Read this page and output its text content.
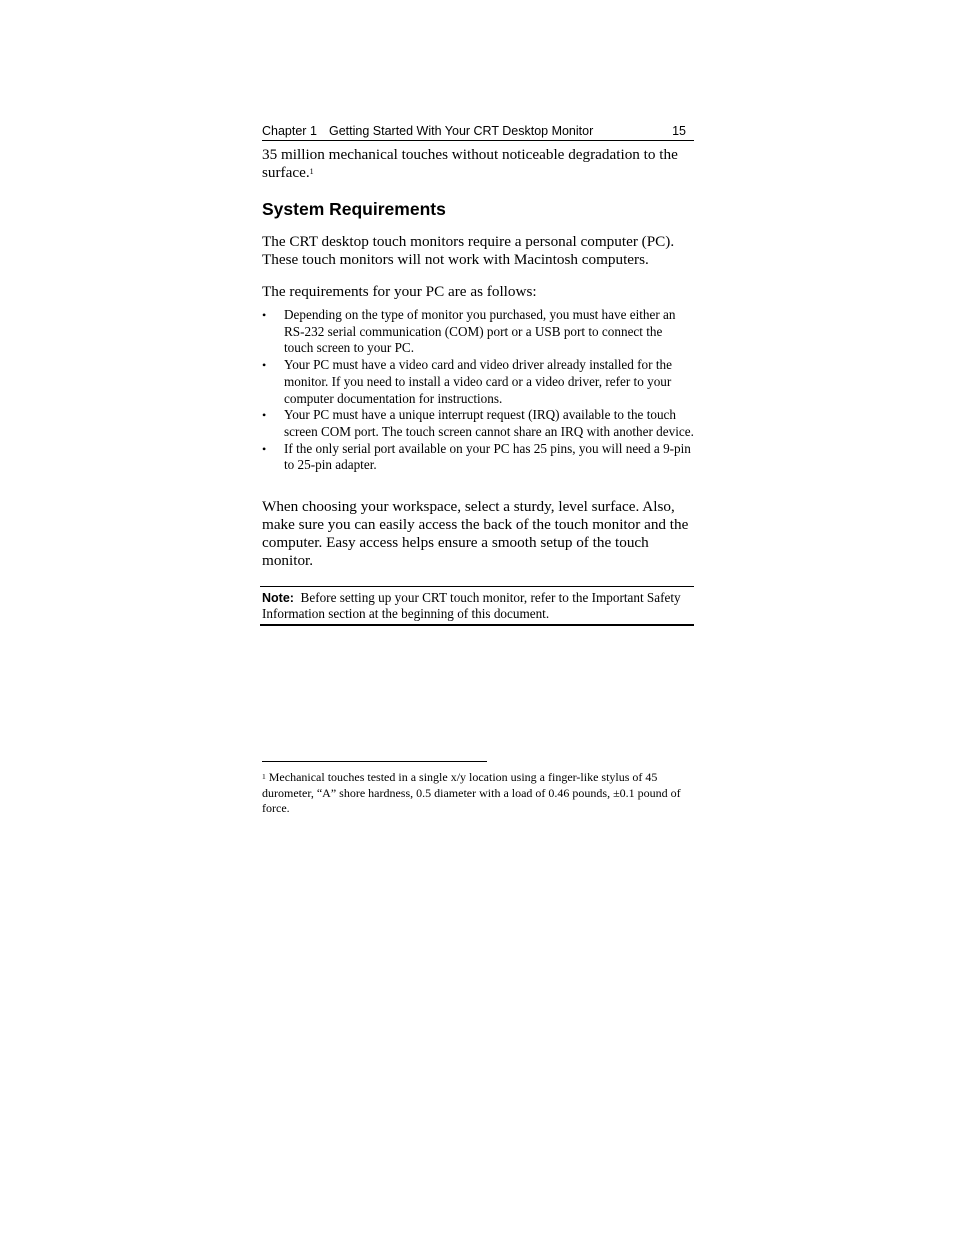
Chapter 1 Getting Started With Your CRT Desktop Monitor	15
35 million mechanical touches without noticeable degradation to the surface.$^1$
System Requirements
The CRT desktop touch monitors require a personal computer (PC). These touch monitors will not work with Macintosh computers.
The requirements for your PC are as follows:
• Depending on the type of monitor you purchased, you must have either an RS-232 serial communication (COM) port or a USB port to connect the touch screen to your PC.
• Your PC must have a video card and video driver already installed for the monitor. If you need to install a video card or a video driver, refer to your computer documentation for instructions.
• Your PC must have a unique interrupt request (IRQ) available to the touch screen COM port. The touch screen cannot share an IRQ with another device.
• If the only serial port available on your PC has 25 pins, you will need a 9-pin to 25-pin adapter.
When choosing your workspace, select a sturdy, level surface. Also, make sure you can easily access the back of the touch monitor and the computer. Easy access helps ensure a smooth setup of the touch monitor.
Note: Before setting up your CRT touch monitor, refer to the Important Safety Information section at the beginning of this document.
$^1$ Mechanical touches tested in a single x/y location using a finger-like stylus of 45 durometer, “A” shore hardness, 0.5 diameter with a load of 0.46 pounds, ±0.1 pound of force.
